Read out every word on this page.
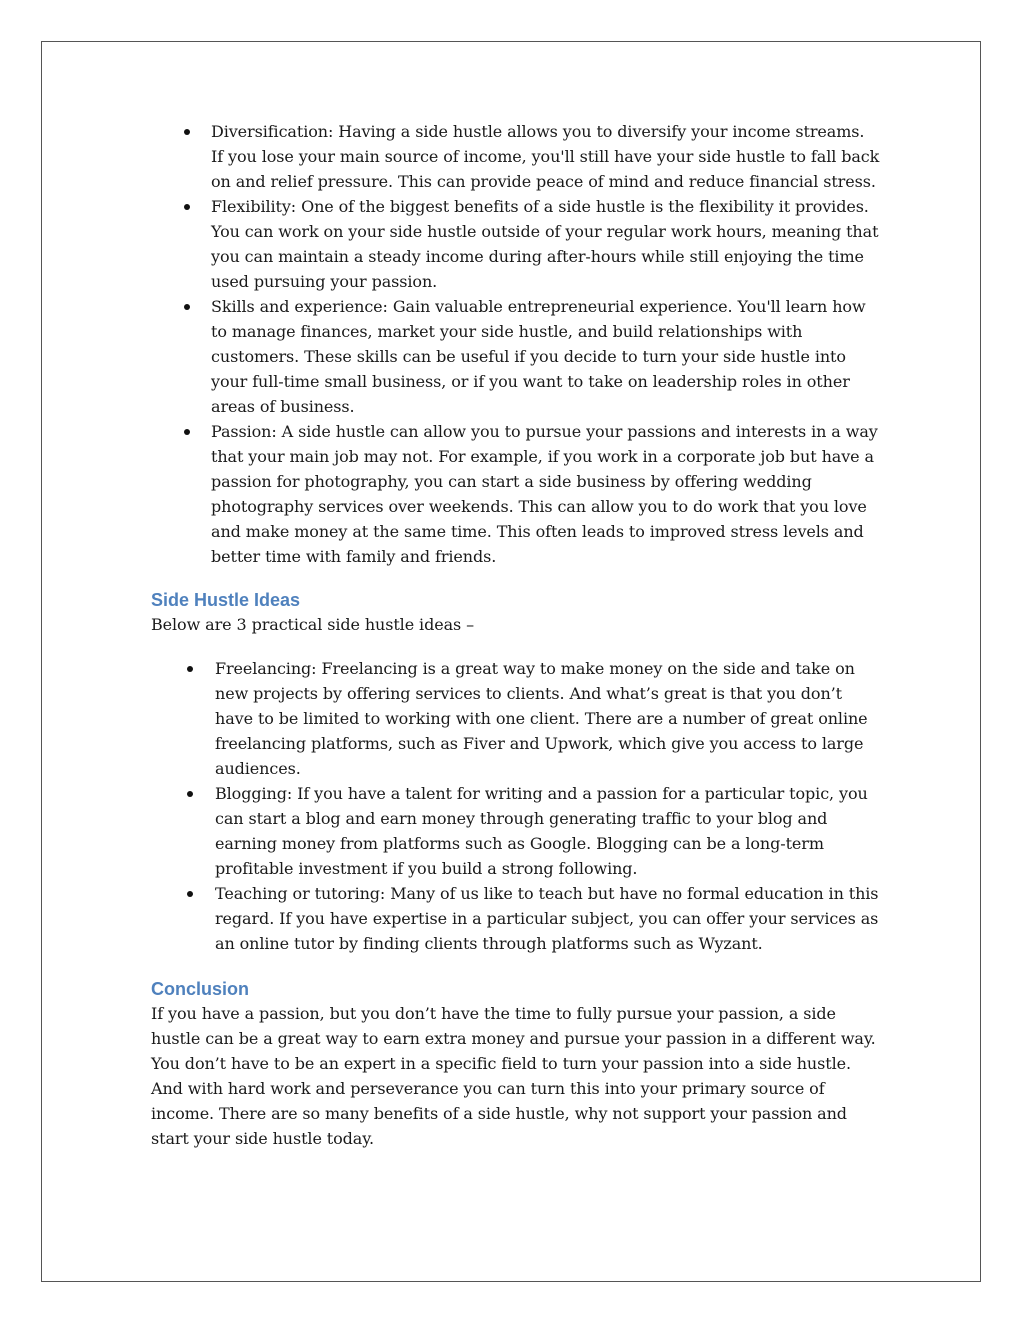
Diversification: Having a side hustle allows you to diversify your income streams. If you lose your main source of income, you'll still have your side hustle to fall back on and relief pressure. This can provide peace of mind and reduce financial stress.
Flexibility: One of the biggest benefits of a side hustle is the flexibility it provides. You can work on your side hustle outside of your regular work hours, meaning that you can maintain a steady income during after-hours while still enjoying the time used pursuing your passion.
Skills and experience: Gain valuable entrepreneurial experience. You'll learn how to manage finances, market your side hustle, and build relationships with customers. These skills can be useful if you decide to turn your side hustle into your full-time small business, or if you want to take on leadership roles in other areas of business.
Passion: A side hustle can allow you to pursue your passions and interests in a way that your main job may not. For example, if you work in a corporate job but have a passion for photography, you can start a side business by offering wedding photography services over weekends. This can allow you to do work that you love and make money at the same time. This often leads to improved stress levels and better time with family and friends.
Side Hustle Ideas

Below are 3 practical side hustle ideas –

Freelancing: Freelancing is a great way to make money on the side and take on new projects by offering services to clients. And what’s great is that you don’t have to be limited to working with one client. There are a number of great online freelancing platforms, such as Fiver and Upwork, which give you access to large audiences.
Blogging: If you have a talent for writing and a passion for a particular topic, you can start a blog and earn money through generating traffic to your blog and earning money from platforms such as Google. Blogging can be a long-term profitable investment if you build a strong following.
Teaching or tutoring: Many of us like to teach but have no formal education in this regard. If you have expertise in a particular subject, you can offer your services as an online tutor by finding clients through platforms such as Wyzant.
Conclusion

If you have a passion, but you don’t have the time to fully pursue your passion, a side hustle can be a great way to earn extra money and pursue your passion in a different way. You don’t have to be an expert in a specific field to turn your passion into a side hustle. And with hard work and perseverance you can turn this into your primary source of income. There are so many benefits of a side hustle, why not support your passion and start your side hustle today.
